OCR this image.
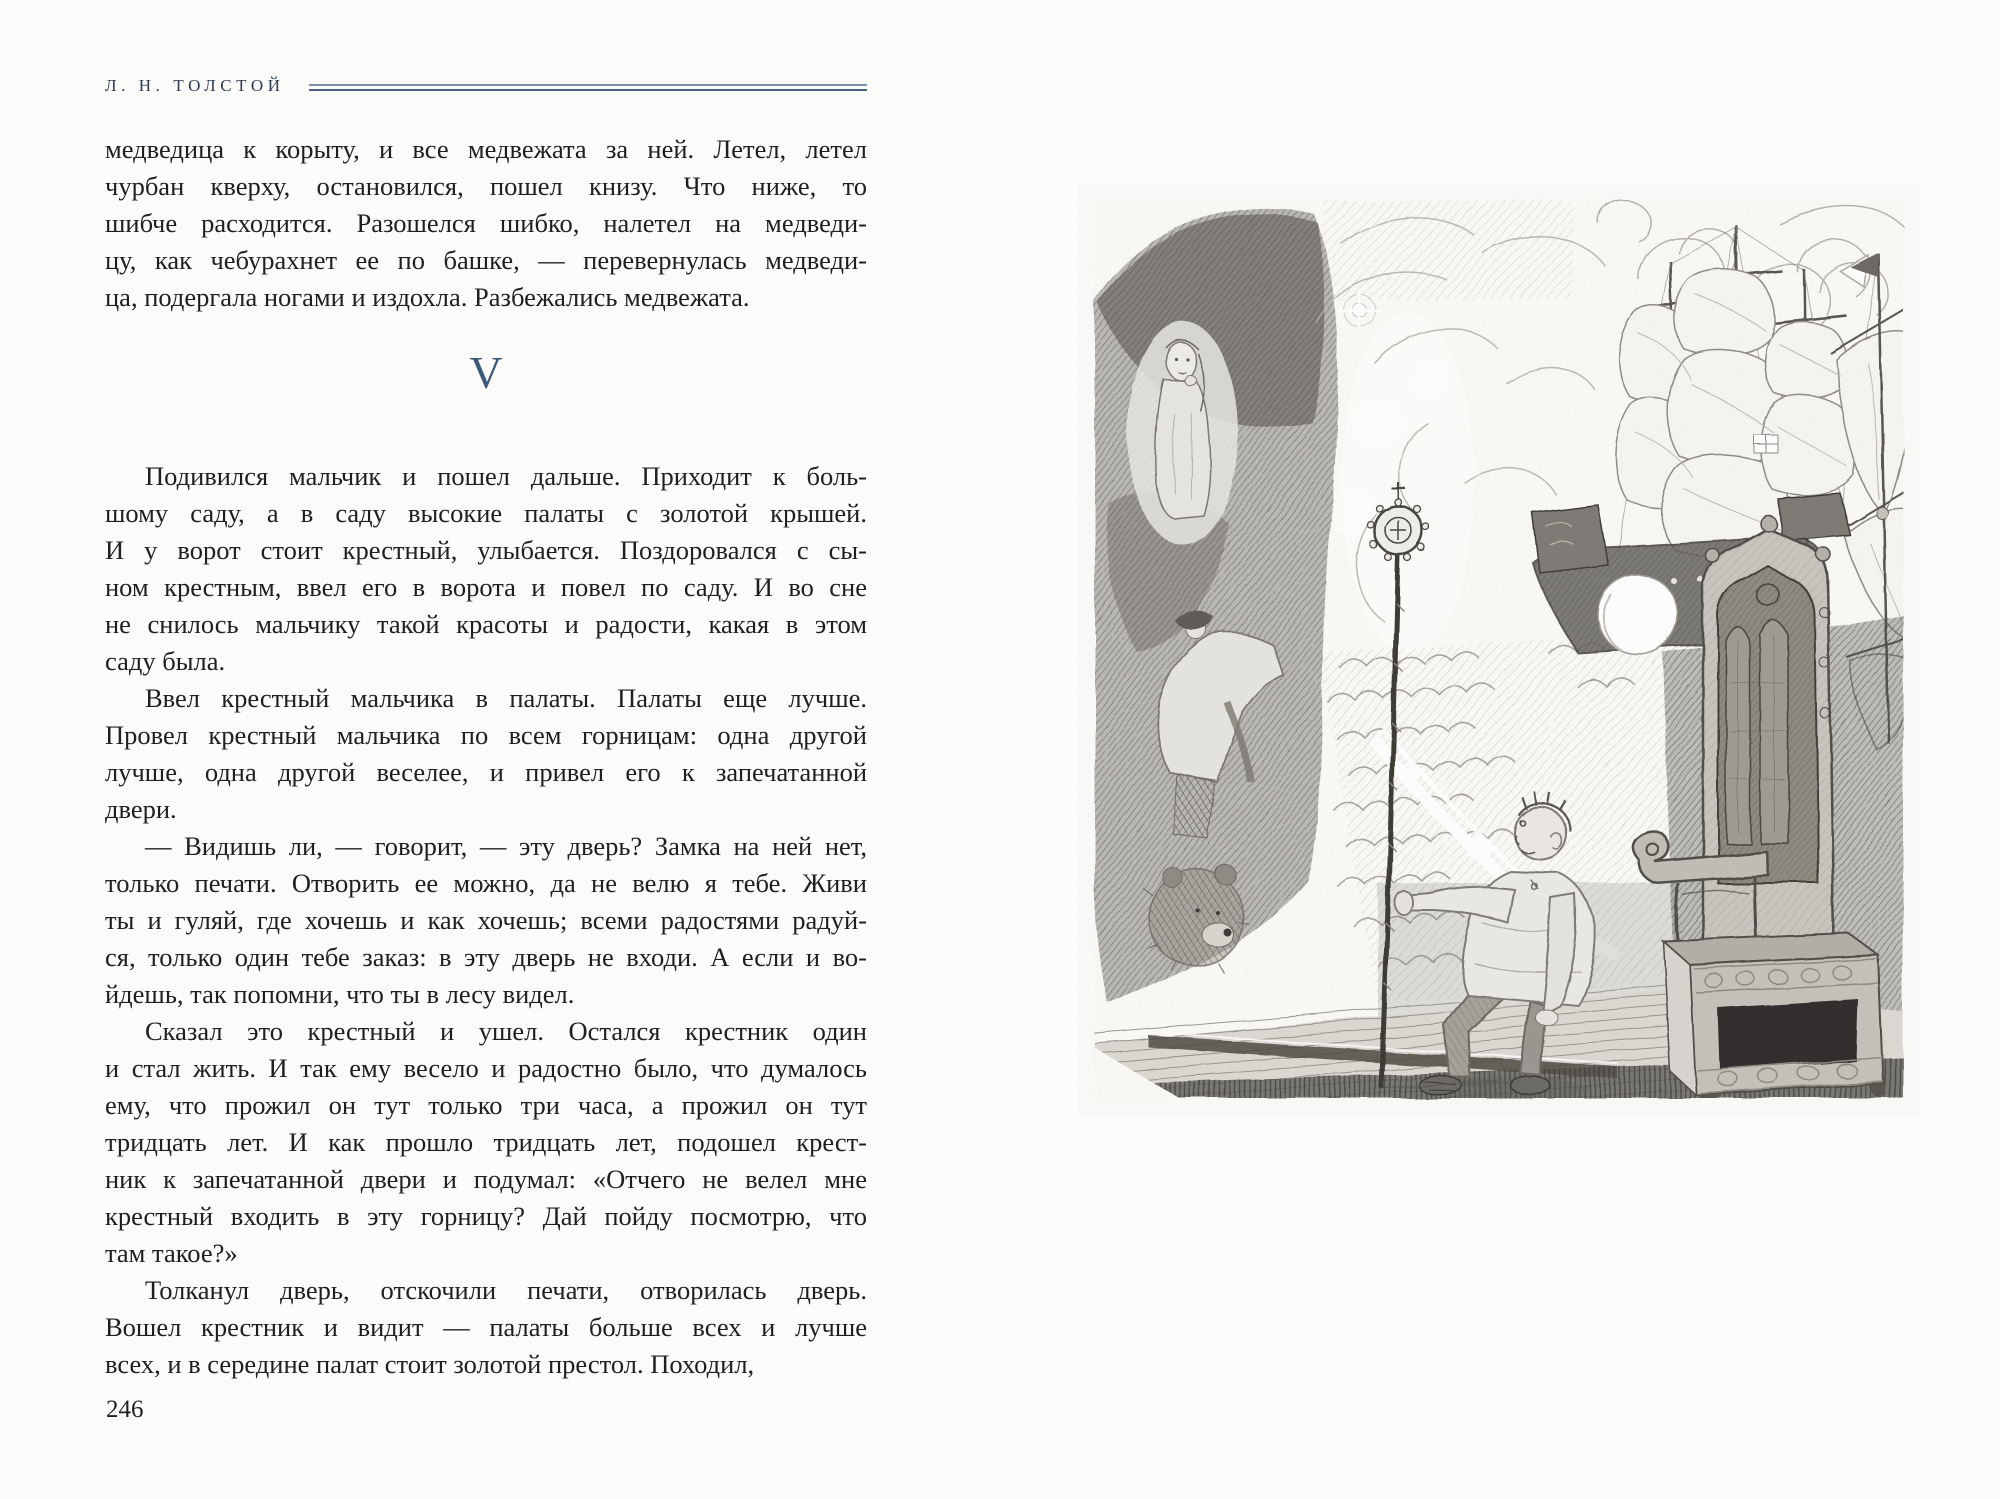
Л. Н. ТОЛСТОЙ
медведица к корыту, и все медвежата за ней. Летел, летел
чурбан кверху, остановился, пошел книзу. Что ниже, то
шибче расходится. Разошелся шибко, налетел на медведи-
цу, как чебурахнет ее по башке, — перевернулась медведи-
ца, подергала ногами и издохла. Разбежались медвежата.
V
Подивился мальчик и пошел дальше. Приходит к боль-
шому саду, а в саду высокие палаты с золотой крышей.
И у ворот стоит крестный, улыбается. Поздоровался с сы-
ном крестным, ввел его в ворота и повел по саду. И во сне
не снилось мальчику такой красоты и радости, какая в этом
саду была.
Ввел крестный мальчика в палаты. Палаты еще лучше.
Провел крестный мальчика по всем горницам: одна другой
лучше, одна другой веселее, и привел его к запечатанной
двери.
— Видишь ли, — говорит, — эту дверь? Замка на ней нет,
только печати. Отворить ее можно, да не велю я тебе. Живи
ты и гуляй, где хочешь и как хочешь; всеми радостями радуй-
ся, только один тебе заказ: в эту дверь не входи. А если и во-
йдешь, так попомни, что ты в лесу видел.
Сказал это крестный и ушел. Остался крестник один
и стал жить. И так ему весело и радостно было, что думалось
ему, что прожил он тут только три часа, а прожил он тут
тридцать лет. И как прошло тридцать лет, подошел крест-
ник к запечатанной двери и подумал: «Отчего не велел мне
крестный входить в эту горницу? Дай пойду посмотрю, что
там такое?»
Толканул дверь, отскочили печати, отворилась дверь.
Вошел крестник и видит — палаты больше всех и лучше
всех, и в середине палат стоит золотой престол. Походил,
246
